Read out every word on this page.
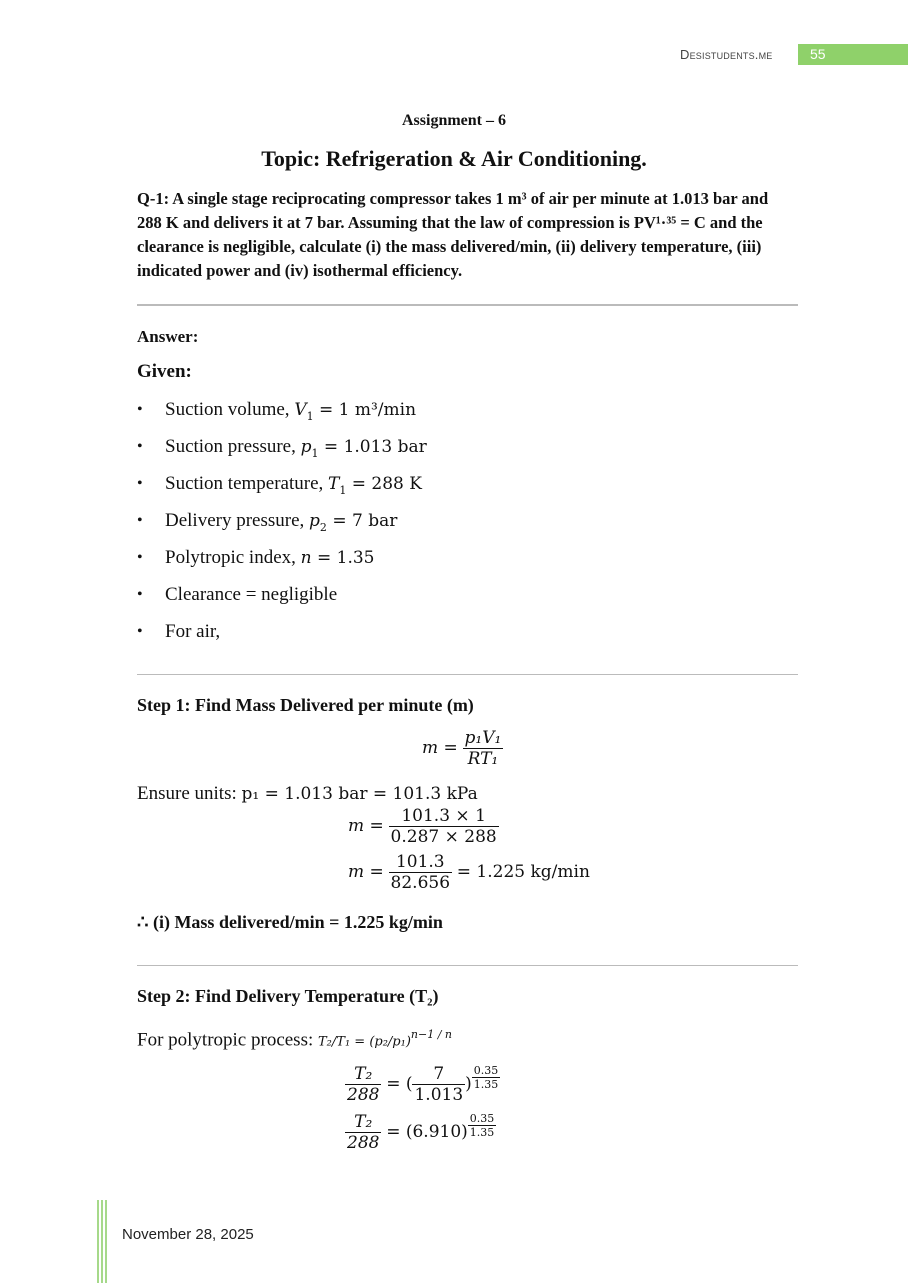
Desistudents.me	55
Assignment – 6
Topic: Refrigeration & Air Conditioning.
Q-1: A single stage reciprocating compressor takes 1 m³ of air per minute at 1.013 bar and 288 K and delivers it at 7 bar. Assuming that the law of compression is PV¹·³⁵ = C and the clearance is negligible, calculate (i) the mass delivered/min, (ii) delivery temperature, (iii) indicated power and (iv) isothermal efficiency.
Answer:
Given:
• Suction volume, $V_1 = 1$ m³/min
• Suction pressure, $p_1 = 1.013$ bar
• Suction temperature, $T_1 = 288$ K
• Delivery pressure, $p_2 = 7$ bar
• Polytropic index, n = 1.35
• Clearance = negligible
• For air,
Step 1: Find Mass Delivered per minute (m)
$m = \frac{\text{p₁V₁}}{\text{RT₁}}$
Ensure units: p₁ = 1.013 bar = 101.3 kPa
$m = \frac{101.3 \times 1}{0.287 \times 288}$
$m = \frac{101.3}{82.656} = 1.225$ kg/min
∴ (i) Mass delivered/min = 1.225 kg/min
Step 2: Find Delivery Temperature (T₂)
For polytropic process: $T_2/T_1 = (p_2/p_1)^{n-1 / n}$
$\frac{\text{T₂}}{288}$ = ( $\frac{7}{1.013}$ ) $\frac{0.35}{1.35}$
$\frac{\text{T₂}}{288} = (6.910) \frac{0.35}{1.35}$
November 28, 2025
